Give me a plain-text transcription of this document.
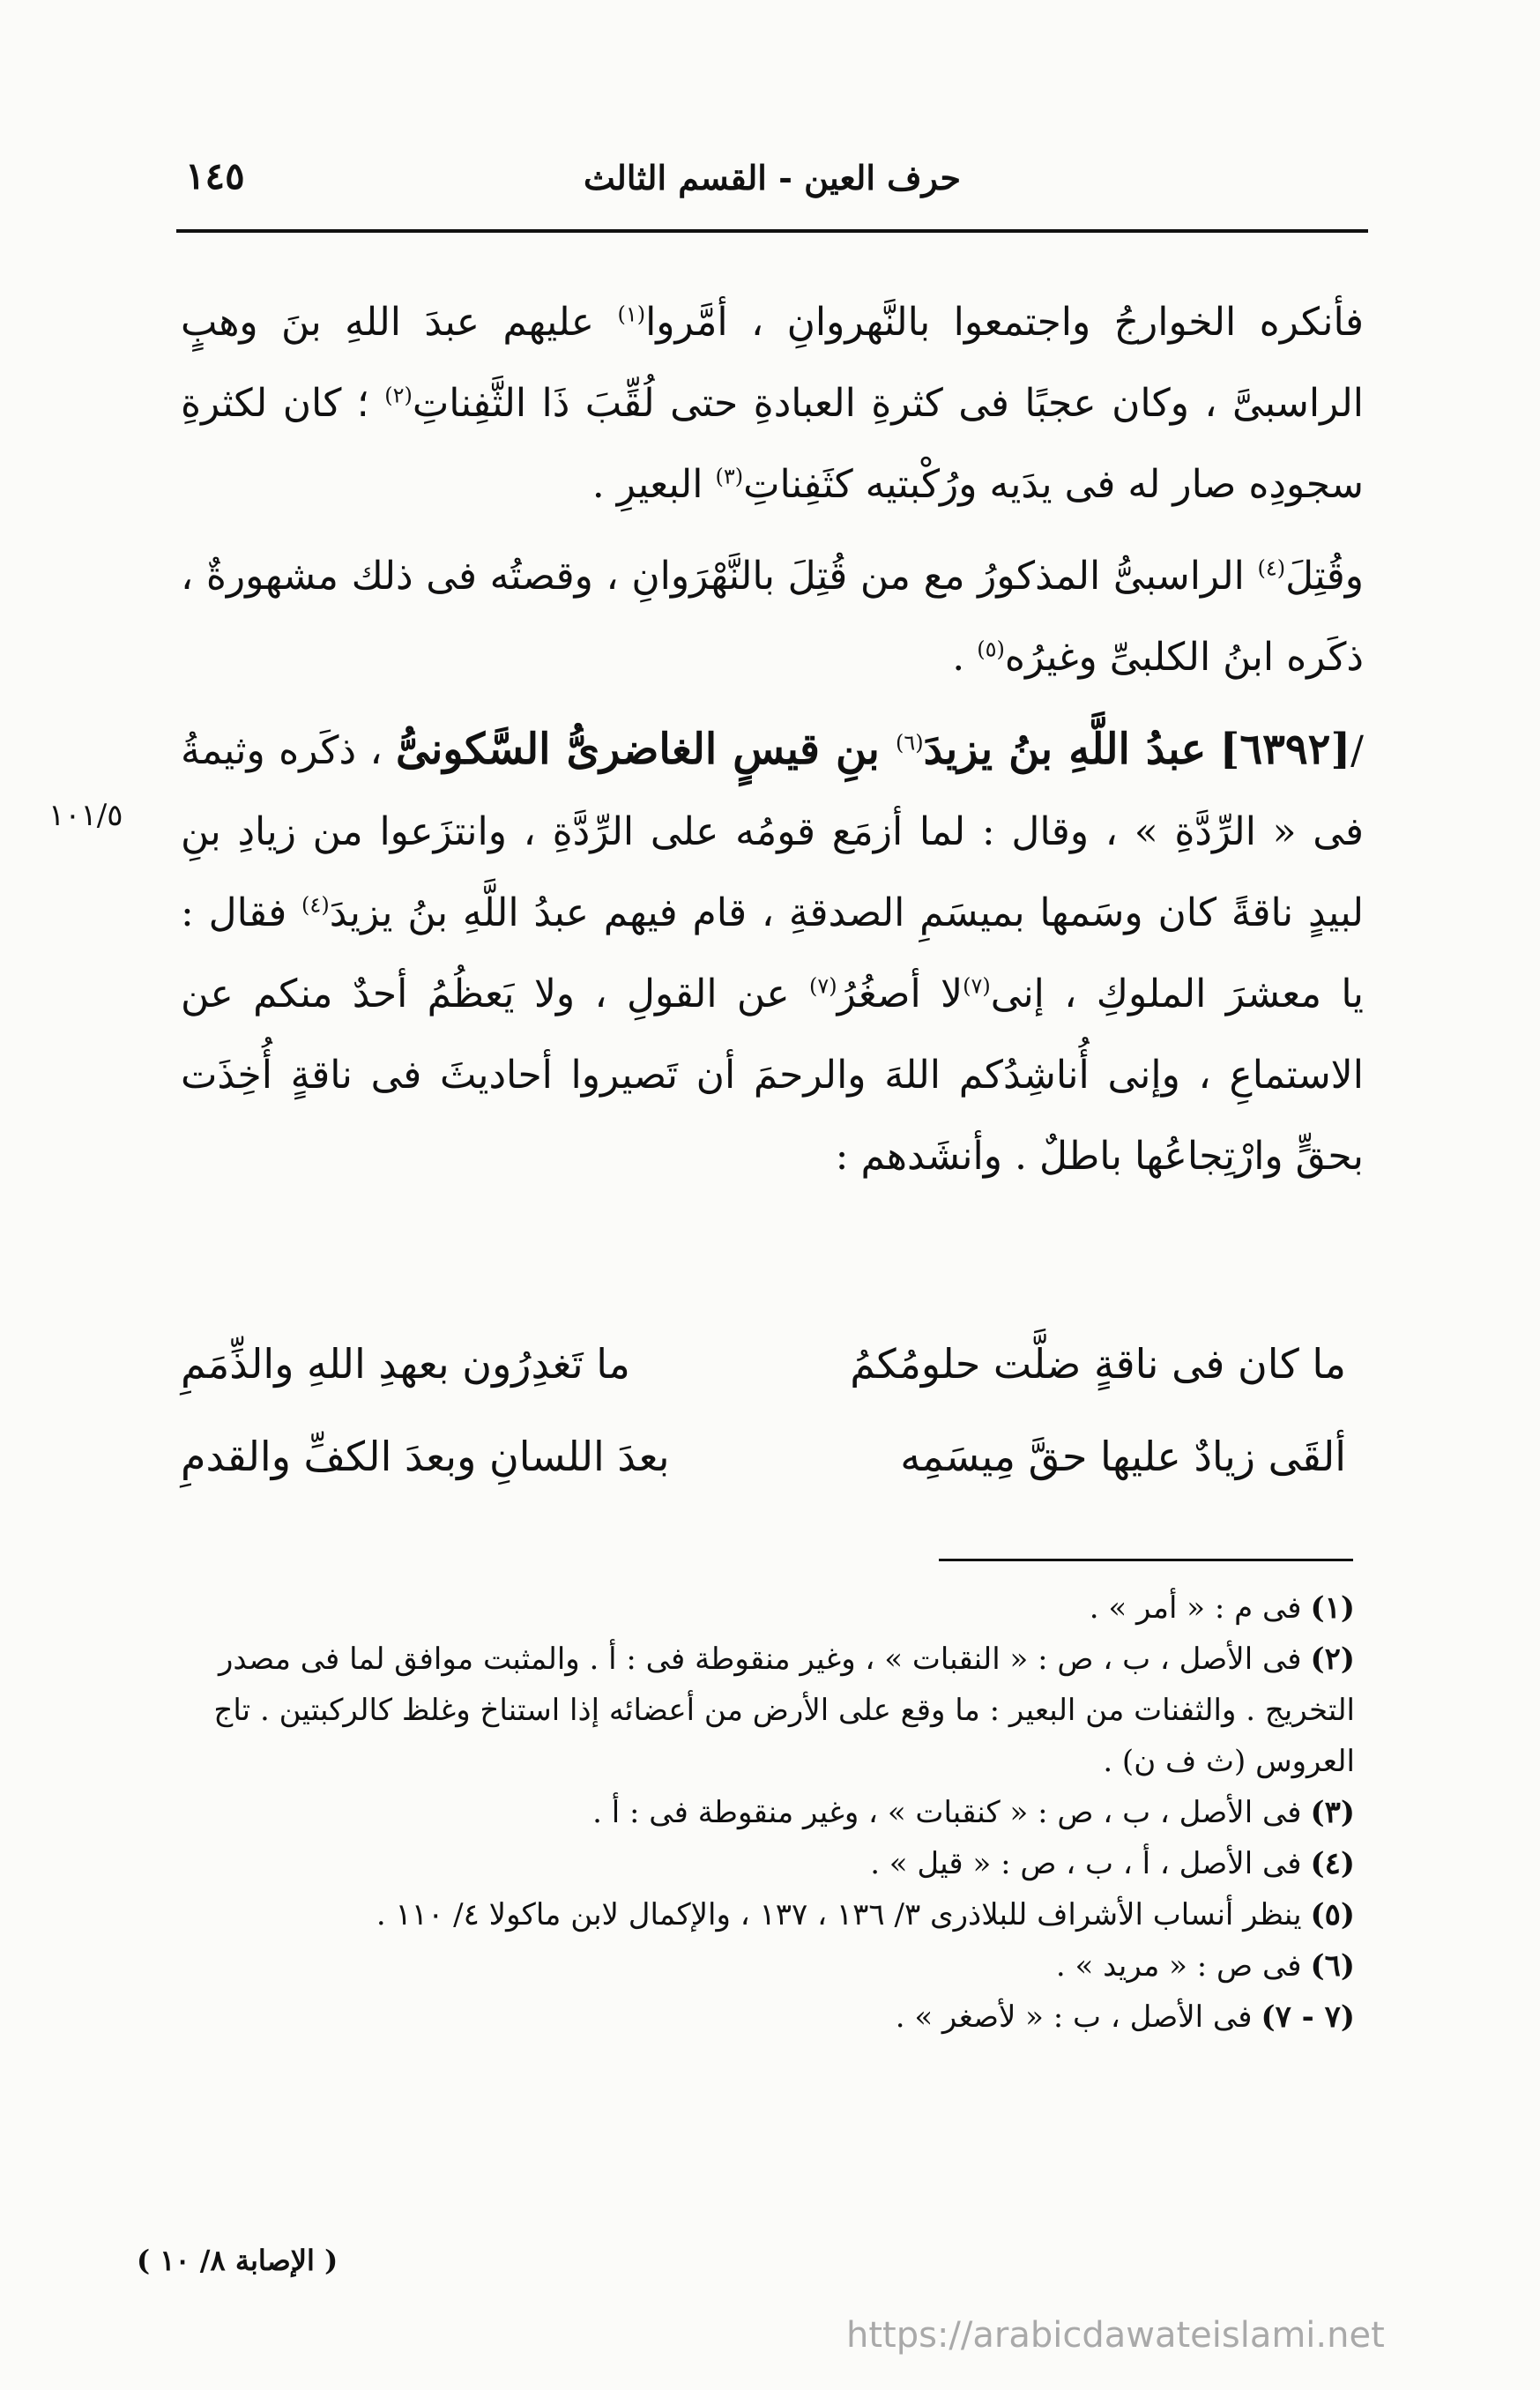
١٤٥	حرف العين - القسم الثالث

فأنكره الخوارجُ واجتمعوا بالنَّهروانِ ، أمَّروا$^{(١)}$ عليهم عبدَ اللهِ بنَ وهبٍ الراسبىَّ ، وكان عجبًا فى كثرةِ العبادةِ حتى لُقِّبَ ذَا الثَّفِناتِ$^{(٢)}$ ؛ كان لكثرةِ سجودِه صار له فى يدَيه ورُكْبتيه كثَفِناتِ$^{(٣)}$ البعيرِ .

وقُتِلَ$^{(٤)}$ الراسبىُّ المذكورُ مع من قُتِلَ بالنَّهْرَوانِ ، وقصتُه فى ذلك مشهورةٌ ، ذكَره ابنُ الكلبىِّ وغيرُه$^{(٥)}$ .

/[٦٣٩٢] عبدُ اللَّهِ بنُ يزيدَ$^{(٦)}$ بنِ قيسٍ الغاضرىُّ السَّكونىُّ ، ذكَره وثيمةُ فى « الرِّدَّةِ » ، وقال : لما أزمَع قومُه على الرِّدَّةِ ، وانتزَعوا من زيادِ بنِ لبيدٍ ناقةً كان وسَمها بميسَمِ الصدقةِ ، قام فيهم عبدُ اللَّهِ بنُ يزيدَ$^{(٤)}$ فقال : يا معشرَ الملوكِ ، إنى$^{(٧)}$لا أصغُرُ$^{(٧)}$ عن القولِ ، ولا يَعظُمُ أحدٌ منكم عن الاستماعِ ، وإنى أُناشِدُكم اللهَ والرحمَ أن تَصيروا أحاديثَ فى ناقةٍ أُخِذَت بحقٍّ وارْتِجاعُها باطلٌ . وأنشَدهم :

١٠١/٥
ما كان فى ناقةٍ ضلَّت حلومُكمُ
ما تَغدِرُون بعهدِ اللهِ والذِّمَمِ
ألقَى زيادٌ عليها حقَّ مِيسَمِه
بعدَ اللسانِ وبعدَ الكفِّ والقدمِ

(١)فى م : « أمر » .

(٢)فى الأصل ، ب ، ص : « النقبات » ، وغير منقوطة فى : أ . والمثبت موافق لما فى مصدر التخريج . والثفنات من البعير : ما وقع على الأرض من أعضائه إذا استناخ وغلظ كالركبتين . تاج العروس (ث ف ن) .

(٣)فى الأصل ، ب ، ص : « كنقبات » ، وغير منقوطة فى : أ .

(٤)فى الأصل ، أ ، ب ، ص : « قيل » .

(٥)ينظر أنساب الأشراف للبلاذرى ٣/ ١٣٦ ، ١٣٧ ، والإكمال لابن ماكولا ٤/ ١١٠ .

(٦)فى ص : « مريد » .

(٧ - ٧)فى الأصل ، ب : « لأصغر » .

( الإصابة ٨/ ١٠ )
https://arabicdawateislami.net
